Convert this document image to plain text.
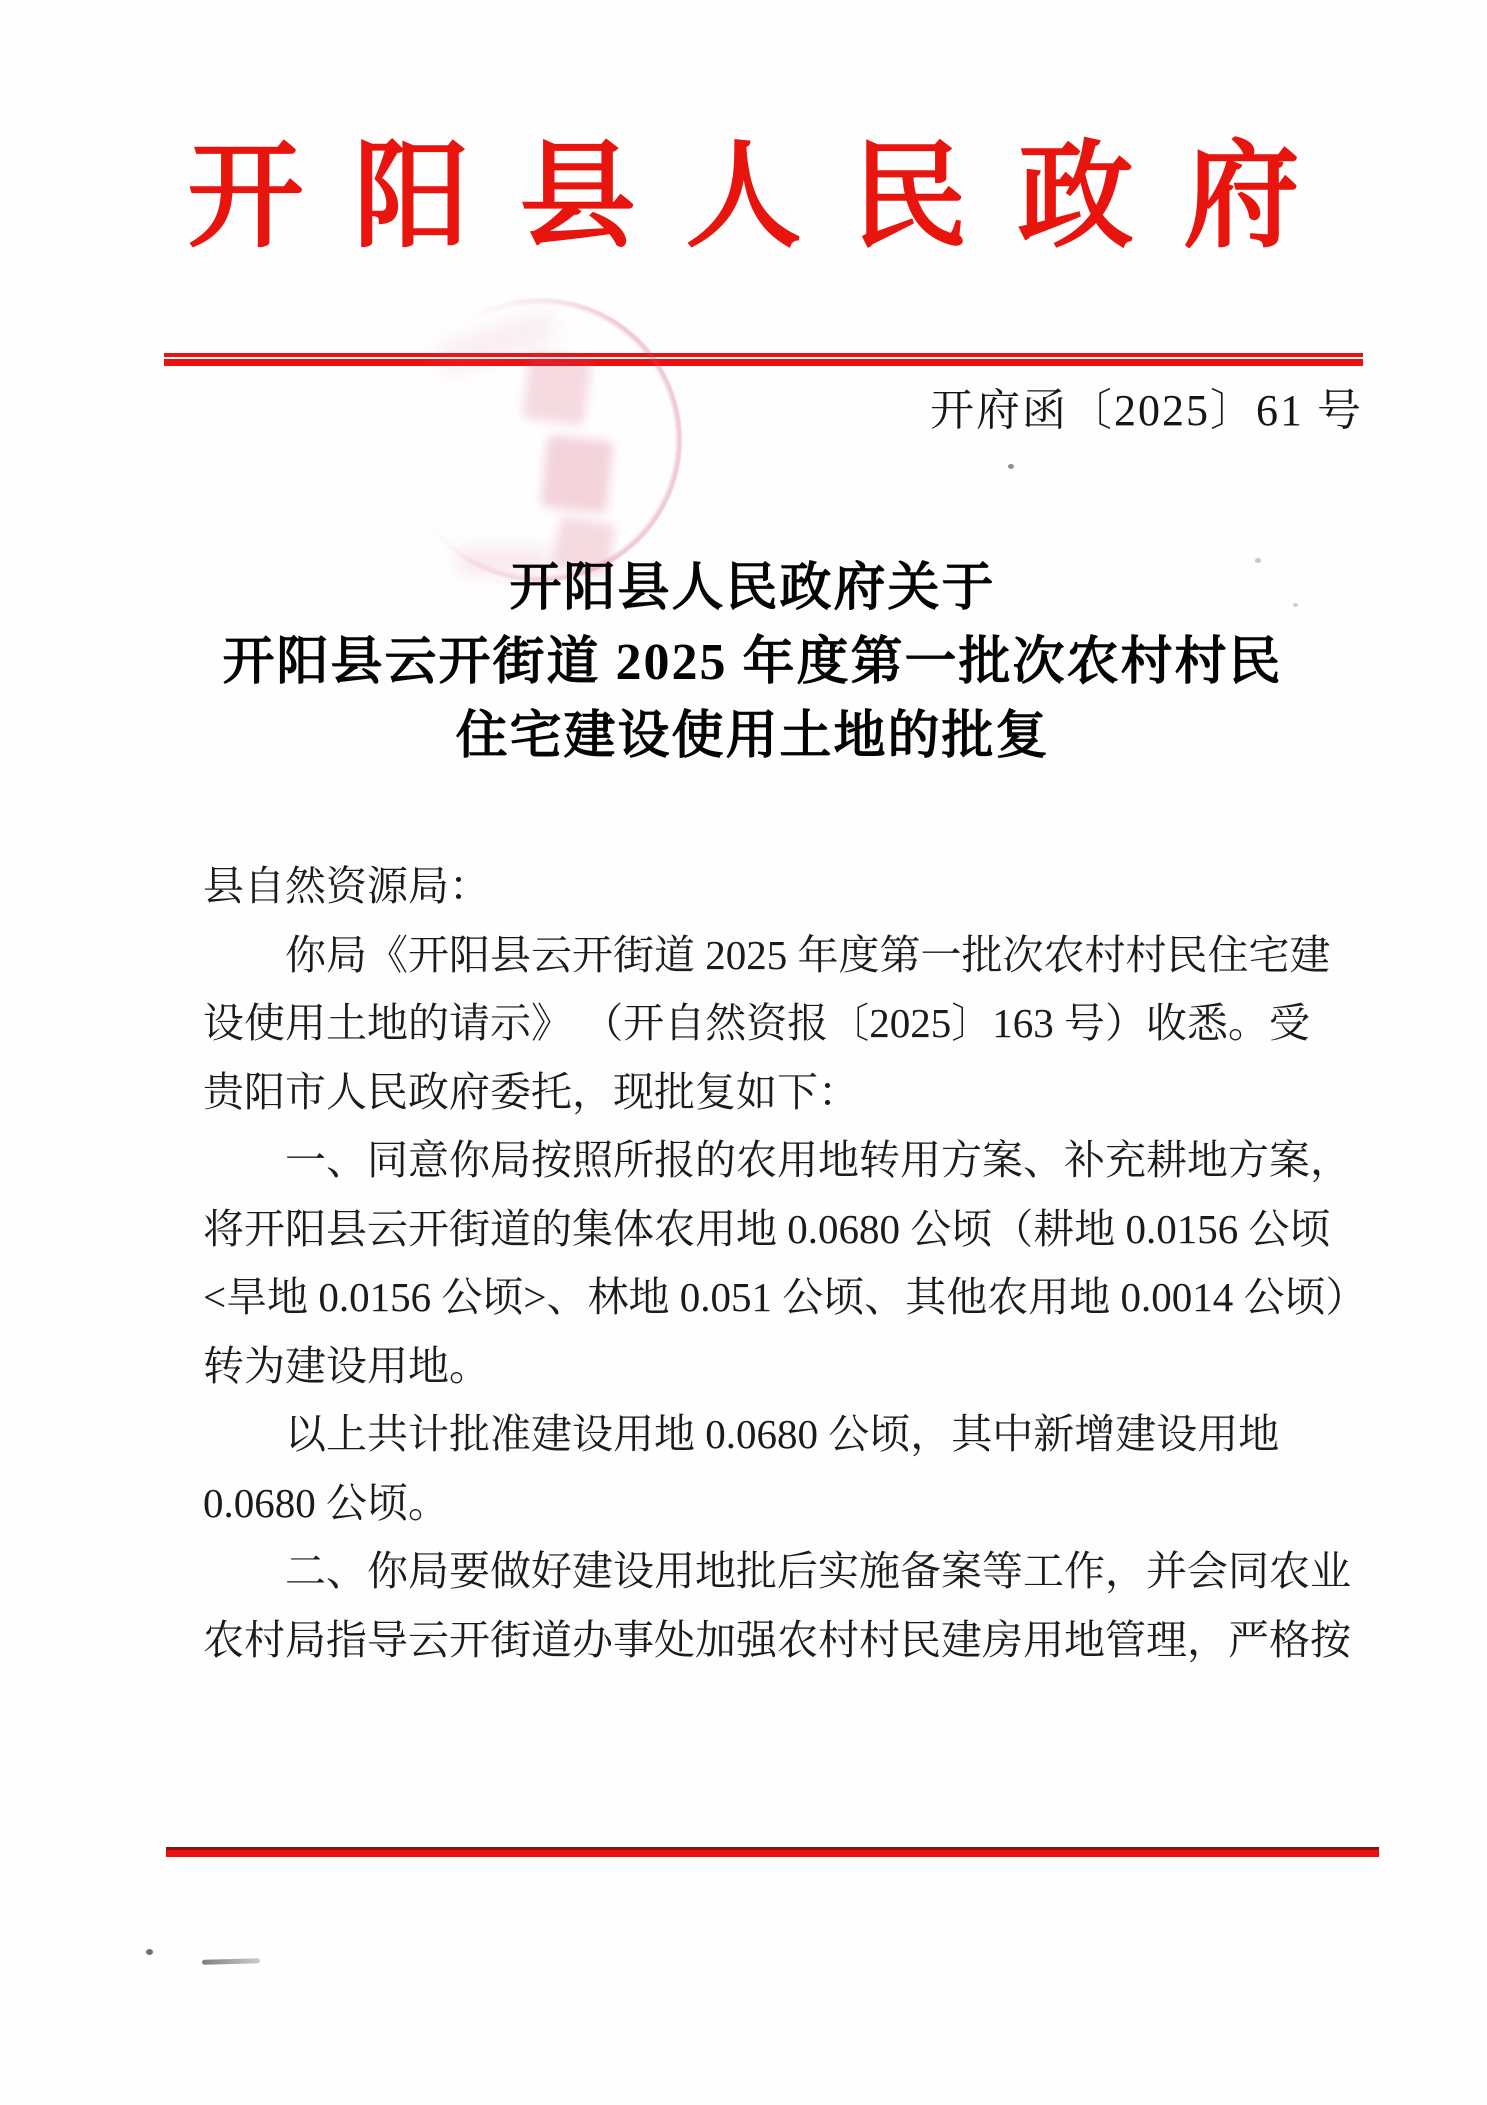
开阳县人民政府
开府函〔2025〕61 号
开阳县人民政府关于
开阳县云开街道 2025 年度第一批次农村村民
住宅建设使用土地的批复
县自然资源局：
　　你局《开阳县云开街道 2025 年度第一批次农村村民住宅建
设使用土地的请示》 （开自然资报〔2025〕163 号）收悉。受
贵阳市人民政府委托，现批复如下：
　　一、同意你局按照所报的农用地转用方案、补充耕地方案，
将开阳县云开街道的集体农用地 0.0680 公顷（耕地 0.0156 公顷
<旱地 0.0156 公顷>、林地 0.051 公顷、其他农用地 0.0014 公顷）
转为建设用地。
　　以上共计批准建设用地 0.0680 公顷，其中新增建设用地
0.0680 公顷。
　　二、你局要做好建设用地批后实施备案等工作，并会同农业
农村局指导云开街道办事处加强农村村民建房用地管理，严格按
